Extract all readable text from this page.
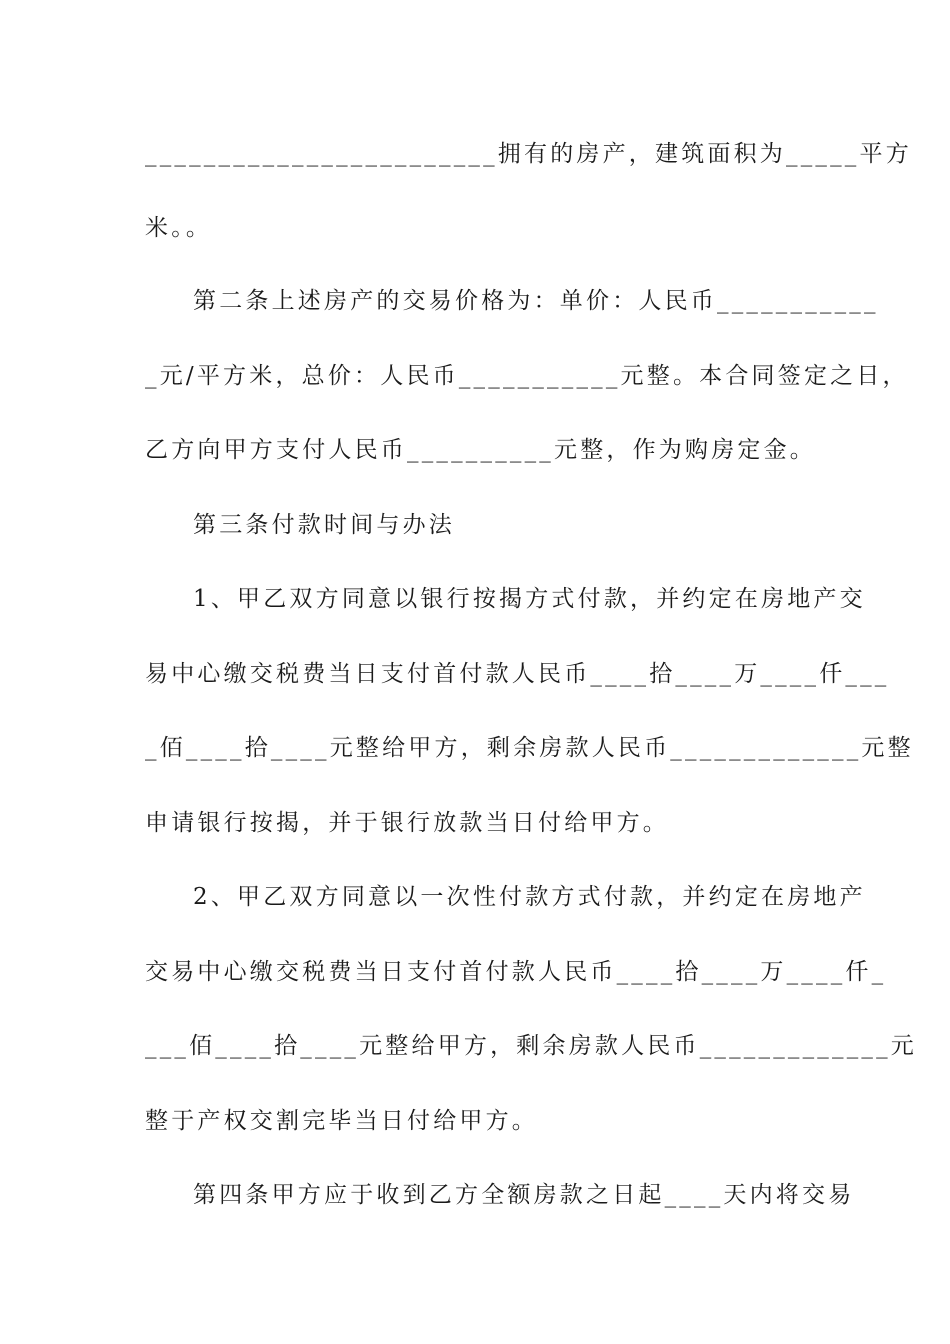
________________________拥有的房产，建筑面积为_____平方
米。。
第二条上述房产的交易价格为：单价：人民币___________
_元/平方米，总价：人民币___________元整。本合同签定之日，
乙方向甲方支付人民币__________元整，作为购房定金。
第三条付款时间与办法
1、甲乙双方同意以银行按揭方式付款，并约定在房地产交
易中心缴交税费当日支付首付款人民币____拾____万____仟___
_佰____拾____元整给甲方，剩余房款人民币_____________元整
申请银行按揭，并于银行放款当日付给甲方。
2、甲乙双方同意以一次性付款方式付款，并约定在房地产
交易中心缴交税费当日支付首付款人民币____拾____万____仟_
___佰____拾____元整给甲方，剩余房款人民币_____________元
整于产权交割完毕当日付给甲方。
第四条甲方应于收到乙方全额房款之日起____天内将交易
